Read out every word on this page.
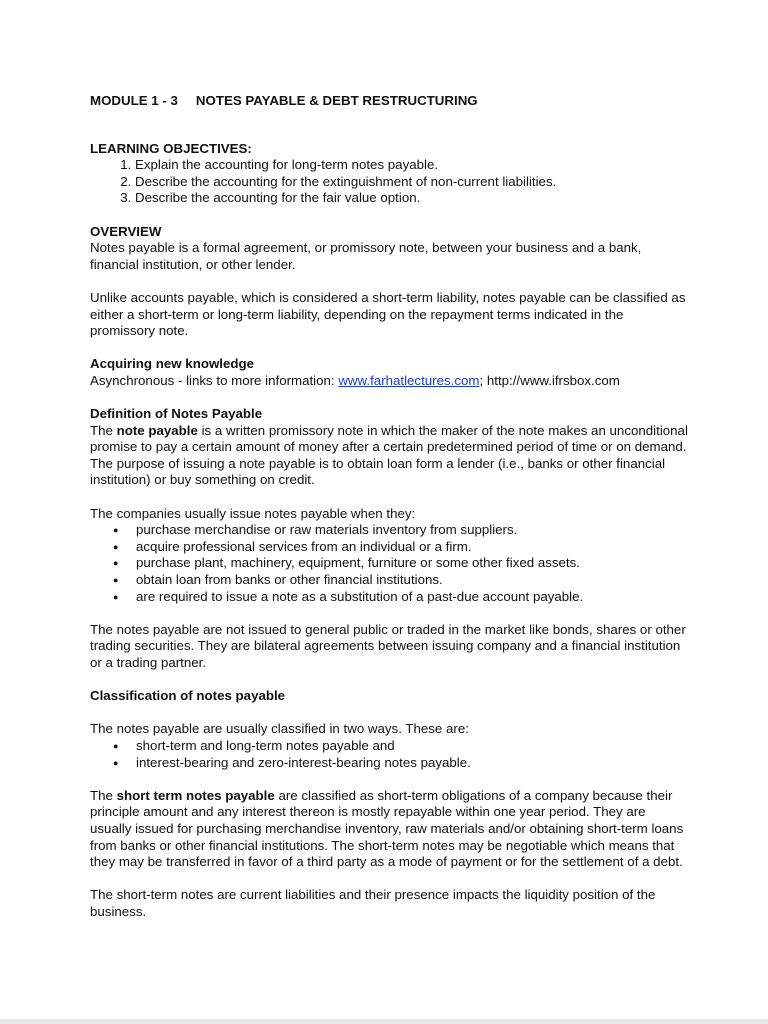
MODULE 1 - 3 NOTES PAYABLE & DEBT RESTRUCTURING

LEARNING OBJECTIVES:

1. Explain the accounting for long-term notes payable.
2. Describe the accounting for the extinguishment of non-current liabilities.
3. Describe the accounting for the fair value option.

OVERVIEW

Notes payable is a formal agreement, or promissory note, between your business and a bank, financial institution, or other lender.

Unlike accounts payable, which is considered a short-term liability, notes payable can be classified as either a short-term or long-term liability, depending on the repayment terms indicated in the promissory note.

Acquiring new knowledge

Asynchronous - links to more information: www.farhatlectures.com; http://www.ifrsbox.com

Definition of Notes Payable

The note payable is a written promissory note in which the maker of the note makes an unconditional promise to pay a certain amount of money after a certain predetermined period of time or on demand. The purpose of issuing a note payable is to obtain loan form a lender (i.e., banks or other financial institution) or buy something on credit.

The companies usually issue notes payable when they:

● purchase merchandise or raw materials inventory from suppliers.
● acquire professional services from an individual or a firm.
● purchase plant, machinery, equipment, furniture or some other fixed assets.
● obtain loan from banks or other financial institutions.
● are required to issue a note as a substitution of a past-due account payable.

The notes payable are not issued to general public or traded in the market like bonds, shares or other trading securities. They are bilateral agreements between issuing company and a financial institution or a trading partner.

Classification of notes payable

The notes payable are usually classified in two ways. These are:

● short-term and long-term notes payable and
● interest-bearing and zero-interest-bearing notes payable.

The short term notes payable are classified as short-term obligations of a company because their principle amount and any interest thereon is mostly repayable within one year period. They are usually issued for purchasing merchandise inventory, raw materials and/or obtaining short-term loans from banks or other financial institutions. The short-term notes may be negotiable which means that they may be transferred in favor of a third party as a mode of payment or for the settlement of a debt.

The short-term notes are current liabilities and their presence impacts the liquidity position of the business.
